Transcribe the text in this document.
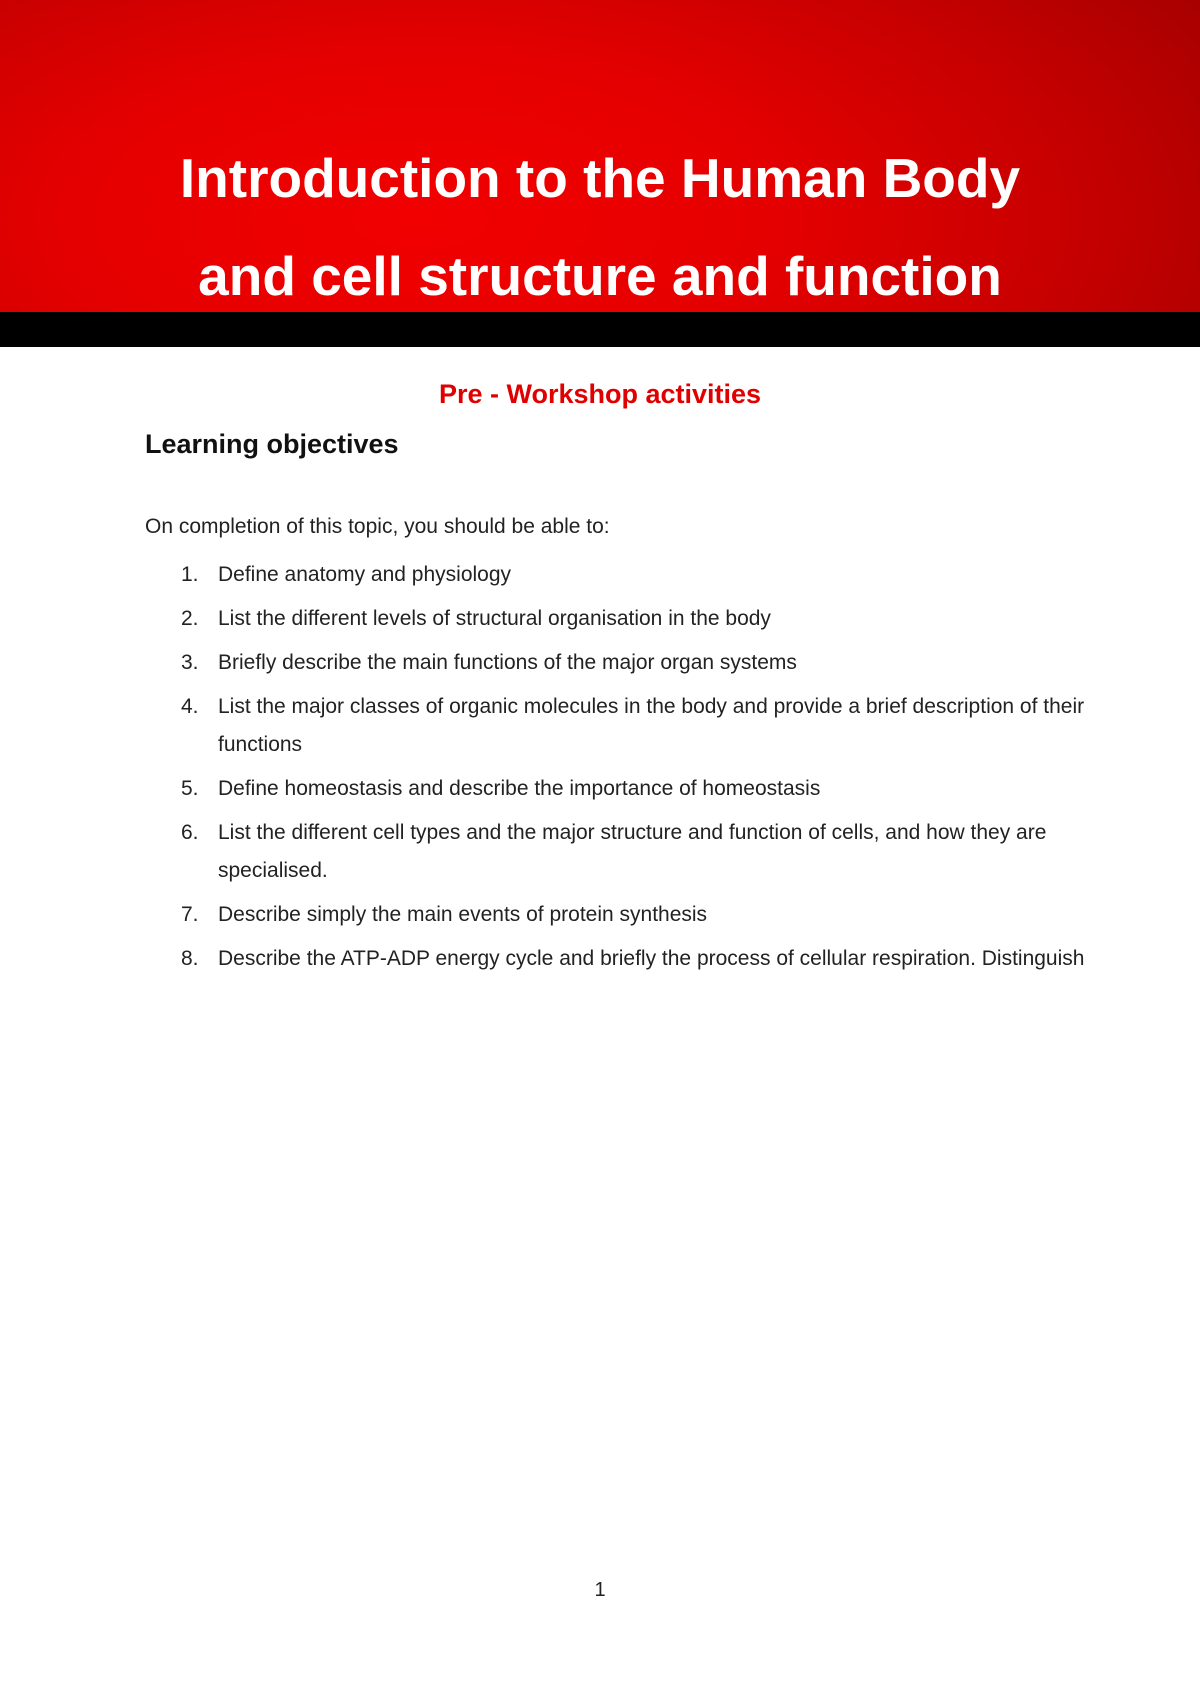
Introduction to the Human Body
and cell structure and function
Pre - Workshop activities
Learning objectives
On completion of this topic, you should be able to:
1. Define anatomy and physiology
2. List the different levels of structural organisation in the body
3. Briefly describe the main functions of the major organ systems
4. List the major classes of organic molecules in the body and provide a brief description of their functions
5. Define homeostasis and describe the importance of homeostasis
6. List the different cell types and the major structure and function of cells, and how they are specialised.
7. Describe simply the main events of protein synthesis
8. Describe the ATP-ADP energy cycle and briefly the process of cellular respiration. Distinguish
1
